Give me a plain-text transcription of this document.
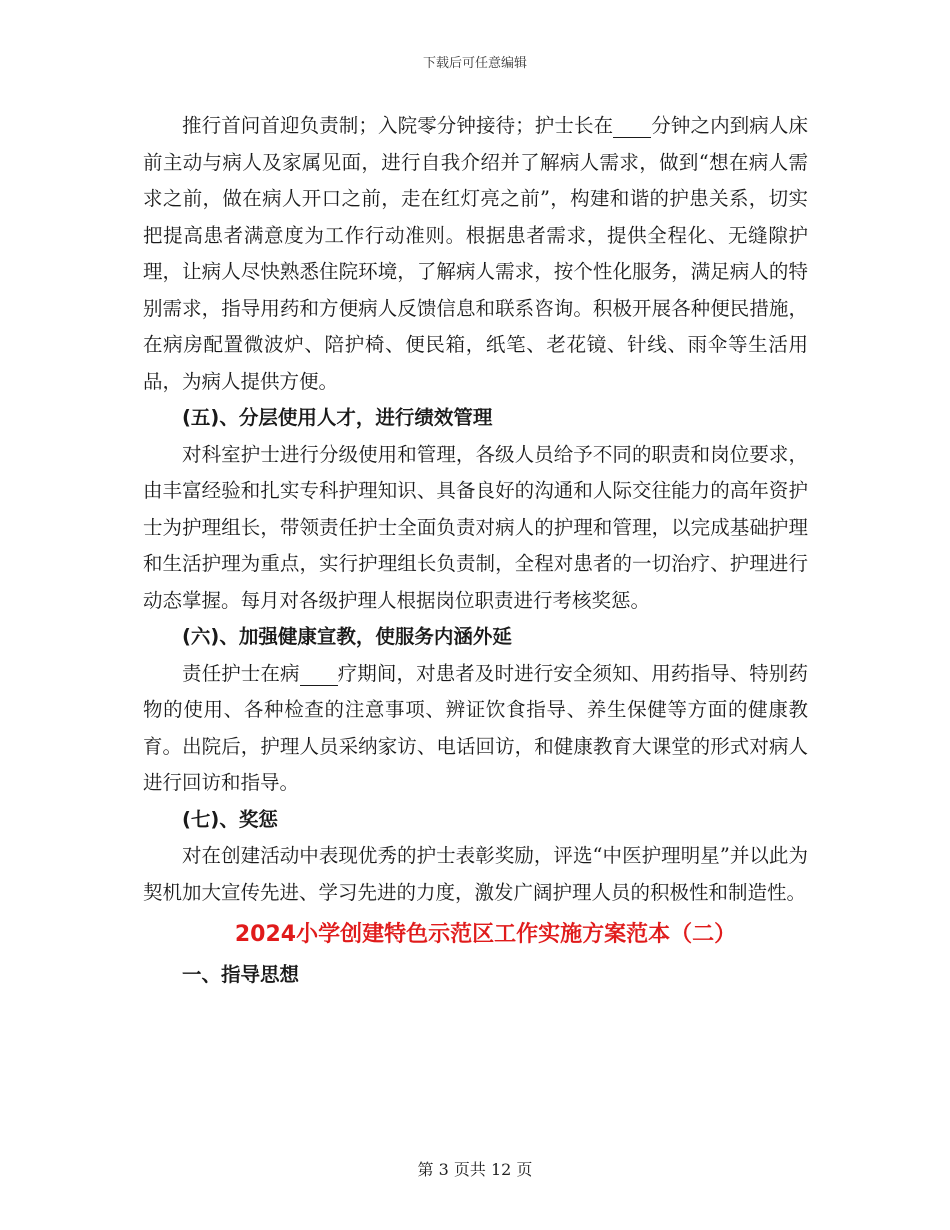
下载后可任意编辑

推行首问首迎负责制；入院零分钟接待；护士长在 分钟之内到病人床前主动与病人及家属见面，进行自我介绍并了解病人需求，做到“想在病人需求之前，做在病人开口之前，走在红灯亮之前”，构建和谐的护患关系，切实把提高患者满意度为工作行动准则。根据患者需求，提供全程化、无缝隙护理，让病人尽快熟悉住院环境，了解病人需求，按个性化服务，满足病人的特别需求，指导用药和方便病人反馈信息和联系咨询。积极开展各种便民措施，在病房配置微波炉、陪护椅、便民箱，纸笔、老花镜、针线、雨伞等生活用品，为病人提供方便。

(五)、分层使用人才，进行绩效管理

对科室护士进行分级使用和管理，各级人员给予不同的职责和岗位要求，由丰富经验和扎实专科护理知识、具备良好的沟通和人际交往能力的高年资护士为护理组长，带领责任护士全面负责对病人的护理和管理，以完成基础护理和生活护理为重点，实行护理组长负责制，全程对患者的一切治疗、护理进行动态掌握。每月对各级护理人根据岗位职责进行考核奖惩。

(六)、加强健康宣教，使服务内涵外延

责任护士在病 疗期间，对患者及时进行安全须知、用药指导、特别药物的使用、各种检查的注意事项、辨证饮食指导、养生保健等方面的健康教育。出院后，护理人员采纳家访、电话回访，和健康教育大课堂的形式对病人进行回访和指导。

(七)、奖惩

对在创建活动中表现优秀的护士表彰奖励，评选“中医护理明星”并以此为契机加大宣传先进、学习先进的力度，激发广阔护理人员的积极性和制造性。

2024小学创建特色示范区工作实施方案范本（二）

一、指导思想

第 3 页共 12 页
